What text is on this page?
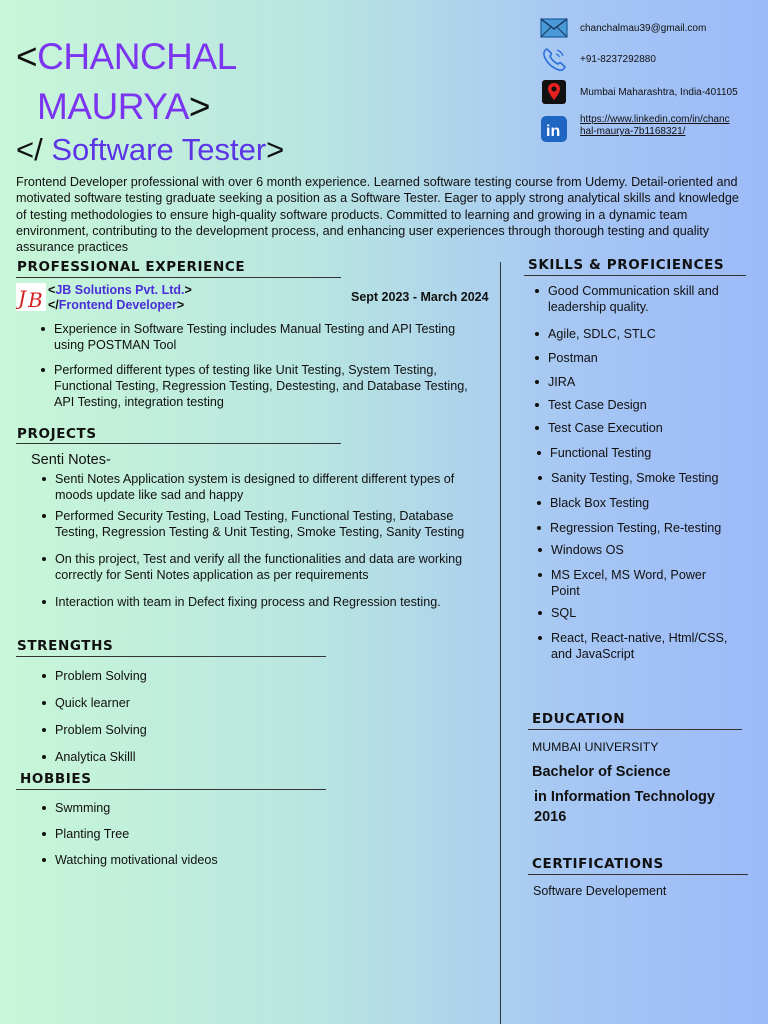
<CHANCHAL
MAURYA>
</ Software Tester>
chanchalmau39@gmail.com
+91-8237292880
Mumbai Maharashtra, India-401105
in
https://www.linkedin.com/in/chanc
hal-maurya-7b1168321/
Frontend Developer professional with over 6 month experience. Learned software testing course from Udemy. Detail-oriented and motivated software testing graduate seeking a position as a Software Tester. Eager to apply strong analytical skills and knowledge of testing methodologies to ensure high-quality software products. Committed to learning and growing in a dynamic team environment, contributing to the development process, and enhancing user experiences through thorough testing and quality assurance practices
PROFESSIONAL EXPERIENCE
J B <JB Solutions Pvt. Ltd.>
</Frontend Developer>
Sept 2023 - March 2024
Experience in Software Testing includes Manual Testing and API Testing using POSTMAN Tool
Performed different types of testing like Unit Testing, System Testing, Functional Testing, Regression Testing, Destesting, and Database Testing, API Testing, integration testing
PROJECTS
Senti Notes-
Senti Notes Application system is designed to different different types of moods update like sad and happy
Performed Security Testing, Load Testing, Functional Testing, Database Testing, Regression Testing & Unit Testing, Smoke Testing, Sanity Testing
On this project, Test and verify all the functionalities and data are working correctly for Senti Notes application as per requirements
Interaction with team in Defect fixing process and Regression testing.
STRENGTHS
Problem Solving
Quick learner
Problem Solving
Analytica Skilll
HOBBIES
Swmming
Planting Tree
Watching motivational videos
SKILLS & PROFICIENCES
Good Communication skill and leadership quality.
Agile, SDLC, STLC
Postman
JIRA
Test Case Design
Test Case Execution
Functional Testing
Sanity Testing, Smoke Testing
Black Box Testing
Regression Testing, Re-testing
Windows OS
MS Excel, MS Word, Power Point
SQL
React, React-native, Html/CSS, and JavaScript
EDUCATION
MUMBAI UNIVERSITY
Bachelor of Science
in Information Technology
2016
CERTIFICATIONS
Software Developement
